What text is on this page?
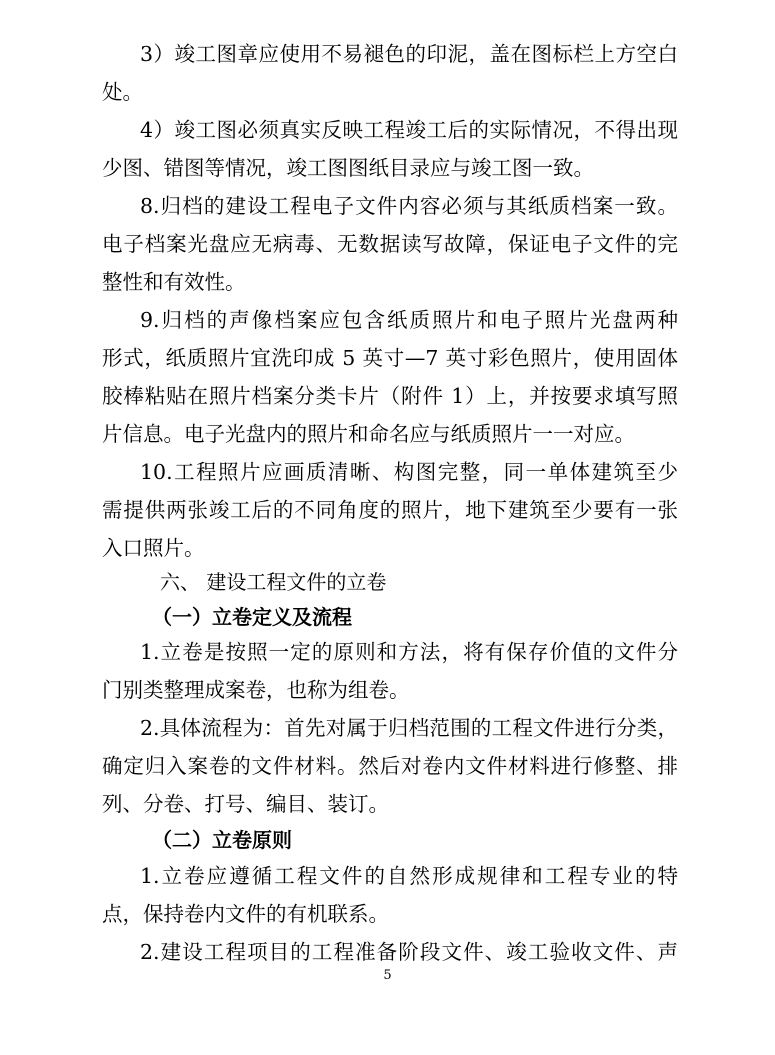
3）竣工图章应使用不易褪色的印泥，盖在图标栏上方空白
处。
4）竣工图必须真实反映工程竣工后的实际情况，不得出现
少图、错图等情况，竣工图图纸目录应与竣工图一致。
8.归档的建设工程电子文件内容必须与其纸质档案一致。
电子档案光盘应无病毒、无数据读写故障，保证电子文件的完
整性和有效性。
9.归档的声像档案应包含纸质照片和电子照片光盘两种
形式，纸质照片宜洗印成 5 英寸—7 英寸彩色照片，使用固体
胶棒粘贴在照片档案分类卡片（附件 1）上，并按要求填写照
片信息。电子光盘内的照片和命名应与纸质照片一一对应。
10.工程照片应画质清晰、构图完整，同一单体建筑至少
需提供两张竣工后的不同角度的照片，地下建筑至少要有一张
入口照片。
六、 建设工程文件的立卷
（一）立卷定义及流程
1.立卷是按照一定的原则和方法，将有保存价值的文件分
门别类整理成案卷，也称为组卷。
2.具体流程为：首先对属于归档范围的工程文件进行分类，
确定归入案卷的文件材料。然后对卷内文件材料进行修整、排
列、分卷、打号、编目、装订。
（二）立卷原则
1.立卷应遵循工程文件的自然形成规律和工程专业的特
点，保持卷内文件的有机联系。
2.建设工程项目的工程准备阶段文件、竣工验收文件、声
5
